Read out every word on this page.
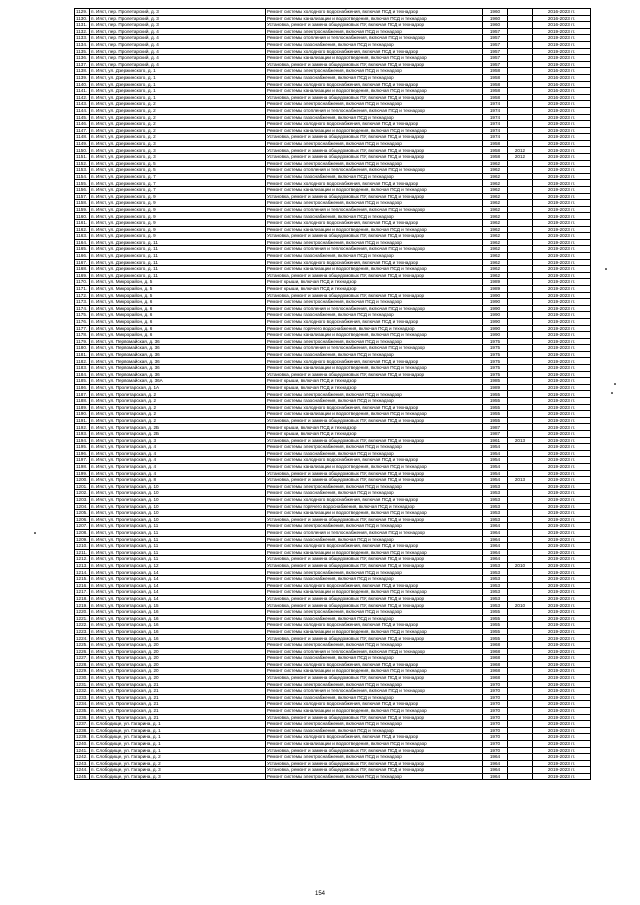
1129.	п. Ияст, пер. Пролетарский, д. 3	Ремонт системы холодного водоснабжения, включая ПСД и технадзор	1960		2016-2023 гг.
1130.	п. Ияст, пер. Пролетарский, д. 3	Ремонт системы канализации и водоотведения, включая ПСД и технадзор	1960		2016-2023 гг.
1131.	п. Ияст, пер. Пролетарский, д. 3	Установка, ремонт и замена общедомовых ПУ, включая ПСД и технадзор	1960		2016-2023 гг.
1132.	п. Ияст, пер. Пролетарский, д. 4	Ремонт системы электроснабжения, включая ПСД и технадзор	1957		2019-2023 гг.
1133.	п. Ияст, пер. Пролетарский, д. 4	Ремонт системы отопления и теплоснабжения, включая ПСД и технадзор	1957		2019-2023 гг.
1134.	п. Ияст, пер. Пролетарский, д. 4	Ремонт системы газоснабжения, включая ПСД и технадзор	1957		2019-2023 гг.
1135.	п. Ияст, пер. Пролетарский, д. 4	Ремонт системы холодного водоснабжения, включая ПСД и технадзор	1957		2019-2023 гг.
1136.	п. Ияст, пер. Пролетарский, д. 4	Ремонт системы канализации и водоотведения, включая ПСД и технадзор	1957		2019-2023 гг.
1137.	п. Ияст, пер. Пролетарский, д. 4	Установка, ремонт и замена общедомовых ПУ, включая ПСД и технадзор	1957		2019-2023 гг.
1138.	п. Ияст, ул. Дзержинского, д. 1	Ремонт системы электроснабжения, включая ПСД и технадзор	1958		2016-2023 гг.
1139.	п. Ияст, ул. Дзержинского, д. 1	Ремонт системы газоснабжения, включая ПСД и технадзор	1958		2016-2023 гг.
1140.	п. Ияст, ул. Дзержинского, д. 1	Ремонт системы холодного водоснабжения, включая ПСД и технадзор	1958		2016-2023 гг.
1141.	п. Ияст, ул. Дзержинского, д. 1	Ремонт системы канализации и водоотведения, включая ПСД и технадзор	1958		2016-2023 гг.
1142.	п. Ияст, ул. Дзержинского, д. 1	Установка, ремонт и замена общедомовых ПУ, включая ПСД и технадзор	1958		2016-2023 гг.
1143.	п. Ияст, ул. Дзержинского, д. 2	Ремонт системы электроснабжения, включая ПСД и технадзор	1974		2019-2023 гг.
1144.	п. Ияст, ул. Дзержинского, д. 2	Ремонт системы отопления и теплоснабжения, включая ПСД и технадзор	1974		2019-2023 гг.
1145.	п. Ияст, ул. Дзержинского, д. 2	Ремонт системы газоснабжения, включая ПСД и технадзор	1974		2019-2023 гг.
1146.	п. Ияст, ул. Дзержинского, д. 2	Ремонт системы холодного водоснабжения, включая ПСД и технадзор	1974		2019-2023 гг.
1147.	п. Ияст, ул. Дзержинского, д. 2	Ремонт системы канализации и водоотведения, включая ПСД и технадзор	1974		2019-2023 гг.
1148.	п. Ияст, ул. Дзержинского, д. 2	Установка, ремонт и замена общедомовых ПУ, включая ПСД и технадзор	1974		2019-2023 гг.
1149.	п. Ияст, ул. Дзержинского, д. 3	Ремонт системы электроснабжения, включая ПСД и технадзор	1958		2019-2023 гг.
1150.	п. Ияст, ул. Дзержинского, д. 3	Установка, ремонт и замена общедомовых ПУ, включая ПСД и технадзор	1958	2012	2019-2023 гг.
1151.	п. Ияст, ул. Дзержинского, д. 3	Установка, ремонт и замена общедомовых ПУ, включая ПСД и технадзор	1958	2012	2019-2023 гг.
1152.	п. Ияст, ул. Дзержинского, д. 5	Ремонт системы электроснабжения, включая ПСД и технадзор	1962		2019-2023 гг.
1153.	п. Ияст, ул. Дзержинского, д. 5	Ремонт системы отопления и теплоснабжения, включая ПСД и технадзор	1962		2019-2023 гг.
1154.	п. Ияст, ул. Дзержинского, д. 7	Ремонт системы газоснабжения, включая ПСД и технадзор	1962		2019-2023 гг.
1155.	п. Ияст, ул. Дзержинского, д. 7	Ремонт системы холодного водоснабжения, включая ПСД и технадзор	1962		2019-2023 гг.
1156.	п. Ияст, ул. Дзержинского, д. 7	Ремонт системы канализации и водоотведения, включая ПСД и технадзор	1962		2019-2023 гг.
1157.	п. Ияст, ул. Дзержинского, д. 9	Установка, ремонт и замена общедомовых ПУ, включая ПСД и технадзор	1962		2019-2023 гг.
1158.	п. Ияст, ул. Дзержинского, д. 9	Ремонт системы электроснабжения, включая ПСД и технадзор	1962		2019-2023 гг.
1159.	п. Ияст, ул. Дзержинского, д. 9	Ремонт системы отопления и теплоснабжения, включая ПСД и технадзор	1962		2019-2023 гг.
1160.	п. Ияст, ул. Дзержинского, д. 9	Ремонт системы газоснабжения, включая ПСД и технадзор	1962		2019-2023 гг.
1161.	п. Ияст, ул. Дзержинского, д. 9	Ремонт системы холодного водоснабжения, включая ПСД и технадзор	1962		2019-2023 гг.
1162.	п. Ияст, ул. Дзержинского, д. 9	Ремонт системы канализации и водоотведения, включая ПСД и технадзор	1962		2019-2023 гг.
1163.	п. Ияст, ул. Дзержинского, д. 9	Установка, ремонт и замена общедомовых ПУ, включая ПСД и технадзор	1962		2019-2023 гг.
1164.	п. Ияст, ул. Дзержинского, д. 11	Ремонт системы электроснабжения, включая ПСД и технадзор	1962		2019-2023 гг.
1165.	п. Ияст, ул. Дзержинского, д. 11	Ремонт системы отопления и теплоснабжения, включая ПСД и технадзор	1962		2019-2023 гг.
1166.	п. Ияст, ул. Дзержинского, д. 11	Ремонт системы газоснабжения, включая ПСД и технадзор	1962		2019-2023 гг.
1167.	п. Ияст, ул. Дзержинского, д. 11	Ремонт системы холодного водоснабжения, включая ПСД и технадзор	1962		2019-2023 гг.
1168.	п. Ияст, ул. Дзержинского, д. 11	Ремонт системы канализации и водоотведения, включая ПСД и технадзор	1962		2019-2023 гг.
1169.	п. Ияст, ул. Дзержинского, д. 11	Установка, ремонт и замена общедомовых ПУ, включая ПСД и технадзор	1962		2019-2023 гг.
1170.	п. Ияст, ул. Микрорайон, д. 5	Ремонт крыши, включая ПСД и технадзор	1989		2019-2023 гг.
1171.	п. Ияст, ул. Микрорайон, д. 5	Ремонт крыши, включая ПСД и технадзор	1989		2019-2023 гг.
1172.	п. Ияст, ул. Микрорайон, д. 5	Установка, ремонт и замена общедомовых ПУ, включая ПСД и технадзор	1990		2019-2023 гг.
1173.	п. Ияст, ул. Микрорайон, д. 6	Ремонт системы электроснабжения, включая ПСД и технадзор	1990		2019-2023 гг.
1174.	п. Ияст, ул. Микрорайон, д. 6	Ремонт системы отопления и теплоснабжения, включая ПСД и технадзор	1990		2019-2023 гг.
1175.	п. Ияст, ул. Микрорайон, д. 6	Ремонт системы газоснабжения, включая ПСД и технадзор	1990		2019-2023 гг.
1176.	п. Ияст, ул. Микрорайон, д. 6	Ремонт системы холодного водоснабжения, включая ПСД и технадзор	1990		2019-2023 гг.
1177.	п. Ияст, ул. Микрорайон, д. 6	Ремонт системы горячего водоснабжения, включая ПСД и технадзор	1990		2019-2023 гг.
1178.	п. Ияст, ул. Микрорайон, д. 6	Ремонт системы канализации и водоотведения, включая ПСД и технадзор	1990		2019-2023 гг.
1179.	п. Ияст, ул. Первомайская, д. 36	Ремонт системы электроснабжения, включая ПСД и технадзор	1975		2019-2023 гг.
1180.	п. Ияст, ул. Первомайская, д. 36	Ремонт системы отопления и теплоснабжения, включая ПСД и технадзор	1975		2019-2023 гг.
1181.	п. Ияст, ул. Первомайская, д. 36	Ремонт системы газоснабжения, включая ПСД и технадзор	1975		2019-2023 гг.
1182.	п. Ияст, ул. Первомайская, д. 36	Ремонт системы холодного водоснабжения, включая ПСД и технадзор	1975		2019-2023 гг.
1183.	п. Ияст, ул. Первомайская, д. 36	Ремонт системы канализации и водоотведения, включая ПСД и технадзор	1975		2019-2023 гг.
1184.	п. Ияст, ул. Первомайская, д. 36	Установка, ремонт и замена общедомовых ПУ, включая ПСД и технадзор	1975		2019-2023 гг.
1185.	п. Ияст, ул. Первомайская, д. 36А	Ремонт крыши, включая ПСД и технадзор	1985		2019-2023 гг.
1186.	п. Ияст, ул. Пролетарская, д. 1А	Ремонт крыши, включая ПСД и технадзор	1989		2019-2023 гг.
1187.	п. Ияст, ул. Пролетарская, д. 2	Ремонт системы электроснабжения, включая ПСД и технадзор	1955		2019-2023 гг.
1188.	п. Ияст, ул. Пролетарская, д. 2	Ремонт системы газоснабжения, включая ПСД и технадзор	1955		2019-2023 гг.
1189.	п. Ияст, ул. Пролетарская, д. 2	Ремонт системы холодного водоснабжения, включая ПСД и технадзор	1955		2019-2023 гг.
1190.	п. Ияст, ул. Пролетарская, д. 2	Ремонт системы канализации и водоотведения, включая ПСД и технадзор	1955		2019-2023 гг.
1191.	п. Ияст, ул. Пролетарская, д. 2	Установка, ремонт и замена общедомовых ПУ, включая ПСД и технадзор	1955		2019-2023 гг.
1192.	п. Ияст, ул. Пролетарская, д. 2Б	Ремонт крыши, включая ПСД и технадзор	1987		2019-2023 гг.
1193.	п. Ияст, ул. Пролетарская, д. 2Б	Ремонт крыши, включая ПСД и технадзор	1987		2019-2023 гг.
1194.	п. Ияст, ул. Пролетарская, д. 3	Установка, ремонт и замена общедомовых ПУ, включая ПСД и технадзор	1961	2013	2019-2023 гг.
1195.	п. Ияст, ул. Пролетарская, д. 4	Ремонт системы электроснабжения, включая ПСД и технадзор	1954		2019-2023 гг.
1196.	п. Ияст, ул. Пролетарская, д. 4	Ремонт системы газоснабжения, включая ПСД и технадзор	1954		2019-2023 гг.
1197.	п. Ияст, ул. Пролетарская, д. 4	Ремонт системы холодного водоснабжения, включая ПСД и технадзор	1954		2019-2023 гг.
1198.	п. Ияст, ул. Пролетарская, д. 4	Ремонт системы канализации и водоотведения, включая ПСД и технадзор	1954		2019-2023 гг.
1199.	п. Ияст, ул. Пролетарская, д. 4	Установка, ремонт и замена общедомовых ПУ, включая ПСД и технадзор	1954		2019-2023 гг.
1200.	п. Ияст, ул. Пролетарская, д. 8	Установка, ремонт и замена общедомовых ПУ, включая ПСД и технадзор	1954	2013	2019-2023 гг.
1201.	п. Ияст, ул. Пролетарская, д. 10	Ремонт системы электроснабжения, включая ПСД и технадзор	1953		2019-2023 гг.
1202.	п. Ияст, ул. Пролетарская, д. 10	Ремонт системы газоснабжения, включая ПСД и технадзор	1953		2019-2023 гг.
1203.	п. Ияст, ул. Пролетарская, д. 10	Ремонт системы холодного водоснабжения, включая ПСД и технадзор	1953		2019-2023 гг.
1204.	п. Ияст, ул. Пролетарская, д. 10	Ремонт системы горячего водоснабжения, включая ПСД и технадзор	1953		2019-2023 гг.
1205.	п. Ияст, ул. Пролетарская, д. 10	Ремонт системы канализации и водоотведения, включая ПСД и технадзор	1953		2019-2023 гг.
1206.	п. Ияст, ул. Пролетарская, д. 10	Установка, ремонт и замена общедомовых ПУ, включая ПСД и технадзор	1953		2019-2023 гг.
1207.	п. Ияст, ул. Пролетарская, д. 11	Ремонт системы электроснабжения, включая ПСД и технадзор	1964		2019-2023 гг.
1208.	п. Ияст, ул. Пролетарская, д. 11	Ремонт системы отопления и теплоснабжения, включая ПСД и технадзор	1964		2019-2023 гг.
1209.	п. Ияст, ул. Пролетарская, д. 11	Ремонт системы газоснабжения, включая ПСД и технадзор	1964		2019-2023 гг.
1210.	п. Ияст, ул. Пролетарская, д. 11	Ремонт системы холодного водоснабжения, включая ПСД и технадзор	1964		2019-2023 гг.
1211.	п. Ияст, ул. Пролетарская, д. 11	Ремонт системы канализации и водоотведения, включая ПСД и технадзор	1964		2019-2023 гг.
1212.	п. Ияст, ул. Пролетарская, д. 11	Установка, ремонт и замена общедомовых ПУ, включая ПСД и технадзор	1964		2019-2023 гг.
1213.	п. Ияст, ул. Пролетарская, д. 12	Установка, ремонт и замена общедомовых ПУ, включая ПСД и технадзор	1953	2010	2019-2023 гг.
1214.	п. Ияст, ул. Пролетарская, д. 14	Ремонт системы электроснабжения, включая ПСД и технадзор	1953		2019-2023 гг.
1215.	п. Ияст, ул. Пролетарская, д. 14	Ремонт системы газоснабжения, включая ПСД и технадзор	1953		2019-2023 гг.
1216.	п. Ияст, ул. Пролетарская, д. 14	Ремонт системы холодного водоснабжения, включая ПСД и технадзор	1953		2019-2023 гг.
1217.	п. Ияст, ул. Пролетарская, д. 14	Ремонт системы канализации и водоотведения, включая ПСД и технадзор	1953		2019-2023 гг.
1218.	п. Ияст, ул. Пролетарская, д. 14	Установка, ремонт и замена общедомовых ПУ, включая ПСД и технадзор	1953		2019-2023 гг.
1219.	п. Ияст, ул. Пролетарская, д. 15	Установка, ремонт и замена общедомовых ПУ, включая ПСД и технадзор	1953	2010	2019-2023 гг.
1220.	п. Ияст, ул. Пролетарская, д. 16	Ремонт системы электроснабжения, включая ПСД и технадзор	1955		2019-2023 гг.
1221.	п. Ияст, ул. Пролетарская, д. 16	Ремонт системы газоснабжения, включая ПСД и технадзор	1955		2019-2023 гг.
1222.	п. Ияст, ул. Пролетарская, д. 16	Ремонт системы холодного водоснабжения, включая ПСД и технадзор	1955		2019-2023 гг.
1223.	п. Ияст, ул. Пролетарская, д. 16	Ремонт системы канализации и водоотведения, включая ПСД и технадзор	1955		2019-2023 гг.
1224.	п. Ияст, ул. Пролетарская, д. 16	Установка, ремонт и замена общедомовых ПУ, включая ПСД и технадзор	1955		2019-2023 гг.
1225.	п. Ияст, ул. Пролетарская, д. 20	Ремонт системы электроснабжения, включая ПСД и технадзор	1968		2019-2023 гг.
1226.	п. Ияст, ул. Пролетарская, д. 20	Ремонт системы отопления и теплоснабжения, включая ПСД и технадзор	1968		2019-2023 гг.
1227.	п. Ияст, ул. Пролетарская, д. 20	Ремонт системы газоснабжения, включая ПСД и технадзор	1968		2019-2023 гг.
1228.	п. Ияст, ул. Пролетарская, д. 20	Ремонт системы холодного водоснабжения, включая ПСД и технадзор	1968		2019-2023 гг.
1229.	п. Ияст, ул. Пролетарская, д. 20	Ремонт системы канализации и водоотведения, включая ПСД и технадзор	1968		2019-2023 гг.
1230.	п. Ияст, ул. Пролетарская, д. 20	Установка, ремонт и замена общедомовых ПУ, включая ПСД и технадзор	1968		2019-2023 гг.
1231.	п. Ияст, ул. Пролетарская, д. 21	Ремонт системы электроснабжения, включая ПСД и технадзор	1970		2019-2023 гг.
1232.	п. Ияст, ул. Пролетарская, д. 21	Ремонт системы отопления и теплоснабжения, включая ПСД и технадзор	1970		2019-2023 гг.
1233.	п. Ияст, ул. Пролетарская, д. 21	Ремонт системы газоснабжения, включая ПСД и технадзор	1970		2019-2023 гг.
1234.	п. Ияст, ул. Пролетарская, д. 21	Ремонт системы холодного водоснабжения, включая ПСД и технадзор	1970		2019-2023 гг.
1235.	п. Ияст, ул. Пролетарская, д. 21	Ремонт системы канализации и водоотведения, включая ПСД и технадзор	1970		2019-2023 гг.
1236.	п. Ияст, ул. Пролетарская, д. 21	Установка, ремонт и замена общедомовых ПУ, включая ПСД и технадзор	1970		2019-2023 гг.
1237.	п. Слободище, ул. Гагарина, д. 1	Ремонт системы электроснабжения, включая ПСД и технадзор	1970		2019-2023 гг.
1238.	п. Слободище, ул. Гагарина, д. 1	Ремонт системы газоснабжения, включая ПСД и технадзор	1970		2019-2023 гг.
1239.	п. Слободище, ул. Гагарина, д. 1	Ремонт системы холодного водоснабжения, включая ПСД и технадзор	1970		2019-2023 гг.
1240.	п. Слободище, ул. Гагарина, д. 1	Ремонт системы канализации и водоотведения, включая ПСД и технадзор	1970		2019-2023 гг.
1241.	п. Слободище, ул. Гагарина, д. 1	Установка, ремонт и замена общедомовых ПУ, включая ПСД и технадзор	1970		2019-2023 гг.
1242.	п. Слободище, ул. Гагарина, д. 2	Ремонт системы электроснабжения, включая ПСД и технадзор	1964		2019-2023 гг.
1243.	п. Слободище, ул. Гагарина, д. 2	Установка, ремонт и замена общедомовых ПУ, включая ПСД и технадзор	1964		2019-2023 гг.
1244.	п. Слободище, ул. Гагарина, д. 3	Установка, ремонт и замена общедомовых ПУ, включая ПСД и технадзор	1964		2019-2023 гг.
1245.	п. Слободище, ул. Гагарина, д. 3	Ремонт системы электроснабжения, включая ПСД и технадзор	1964		2019-2023 гг.
154
